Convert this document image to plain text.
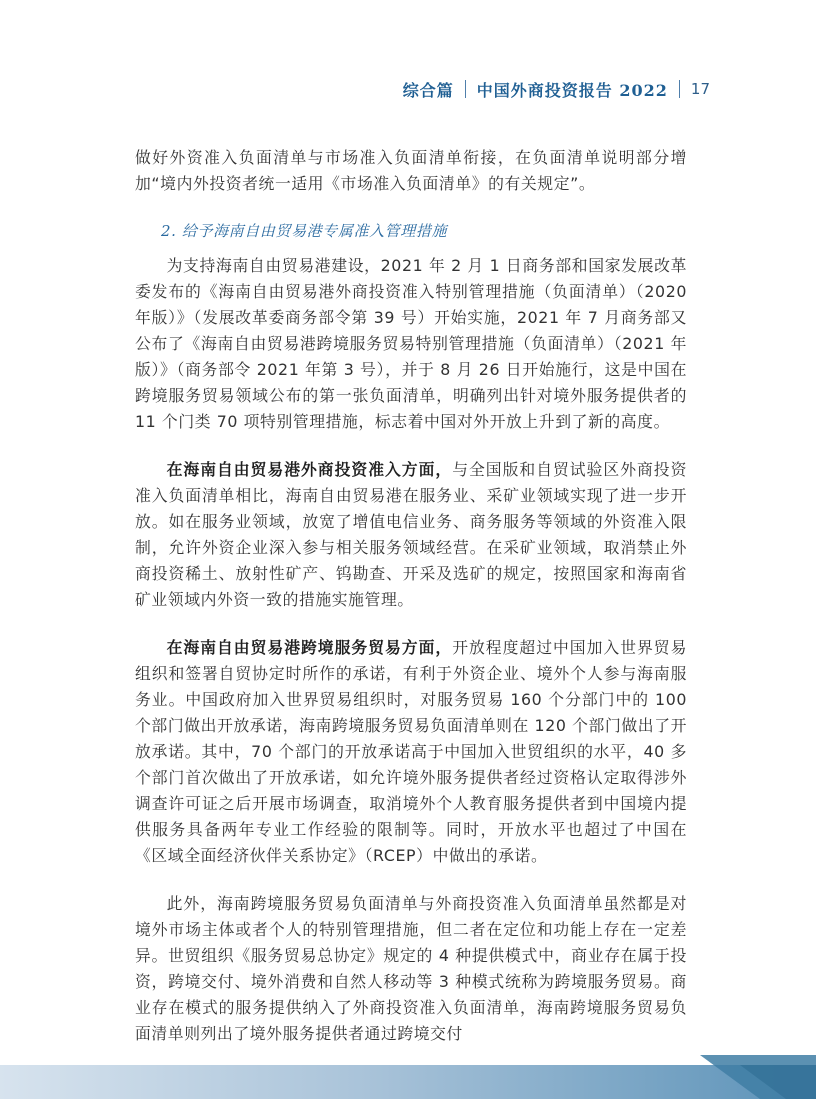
综合篇 中国外商投资报告 2022 17

做好外资准入负面清单与市场准入负面清单衔接，在负面清单说明部分增加“境内外投资者统一适用《市场准入负面清单》的有关规定”。

2. 给予海南自由贸易港专属准入管理措施

为支持海南自由贸易港建设，2021 年 2 月 1 日商务部和国家发展改革委发布的《海南自由贸易港外商投资准入特别管理措施（负面清单）（2020 年版）》（发展改革委商务部令第 39 号）开始实施，2021 年 7 月商务部又公布了《海南自由贸易港跨境服务贸易特别管理措施（负面清单）（2021 年版）》（商务部令 2021 年第 3 号），并于 8 月 26 日开始施行，这是中国在跨境服务贸易领域公布的第一张负面清单，明确列出针对境外服务提供者的 11 个门类 70 项特别管理措施，标志着中国对外开放上升到了新的高度。

在海南自由贸易港外商投资准入方面，与全国版和自贸试验区外商投资准入负面清单相比，海南自由贸易港在服务业、采矿业领域实现了进一步开放。如在服务业领域，放宽了增值电信业务、商务服务等领域的外资准入限制，允许外资企业深入参与相关服务领域经营。在采矿业领域，取消禁止外商投资稀土、放射性矿产、钨勘查、开采及选矿的规定，按照国家和海南省矿业领域内外资一致的措施实施管理。

在海南自由贸易港跨境服务贸易方面，开放程度超过中国加入世界贸易组织和签署自贸协定时所作的承诺，有利于外资企业、境外个人参与海南服务业。中国政府加入世界贸易组织时，对服务贸易 160 个分部门中的 100 个部门做出开放承诺，海南跨境服务贸易负面清单则在 120 个部门做出了开放承诺。其中，70 个部门的开放承诺高于中国加入世贸组织的水平，40 多个部门首次做出了开放承诺，如允许境外服务提供者经过资格认定取得涉外调查许可证之后开展市场调查，取消境外个人教育服务提供者到中国境内提供服务具备两年专业工作经验的限制等。同时，开放水平也超过了中国在《区域全面经济伙伴关系协定》（RCEP）中做出的承诺。

此外，海南跨境服务贸易负面清单与外商投资准入负面清单虽然都是对境外市场主体或者个人的特别管理措施，但二者在定位和功能上存在一定差异。世贸组织《服务贸易总协定》规定的 4 种提供模式中，商业存在属于投资，跨境交付、境外消费和自然人移动等 3 种模式统称为跨境服务贸易。商业存在模式的服务提供纳入了外商投资准入负面清单，海南跨境服务贸易负面清单则列出了境外服务提供者通过跨境交付
